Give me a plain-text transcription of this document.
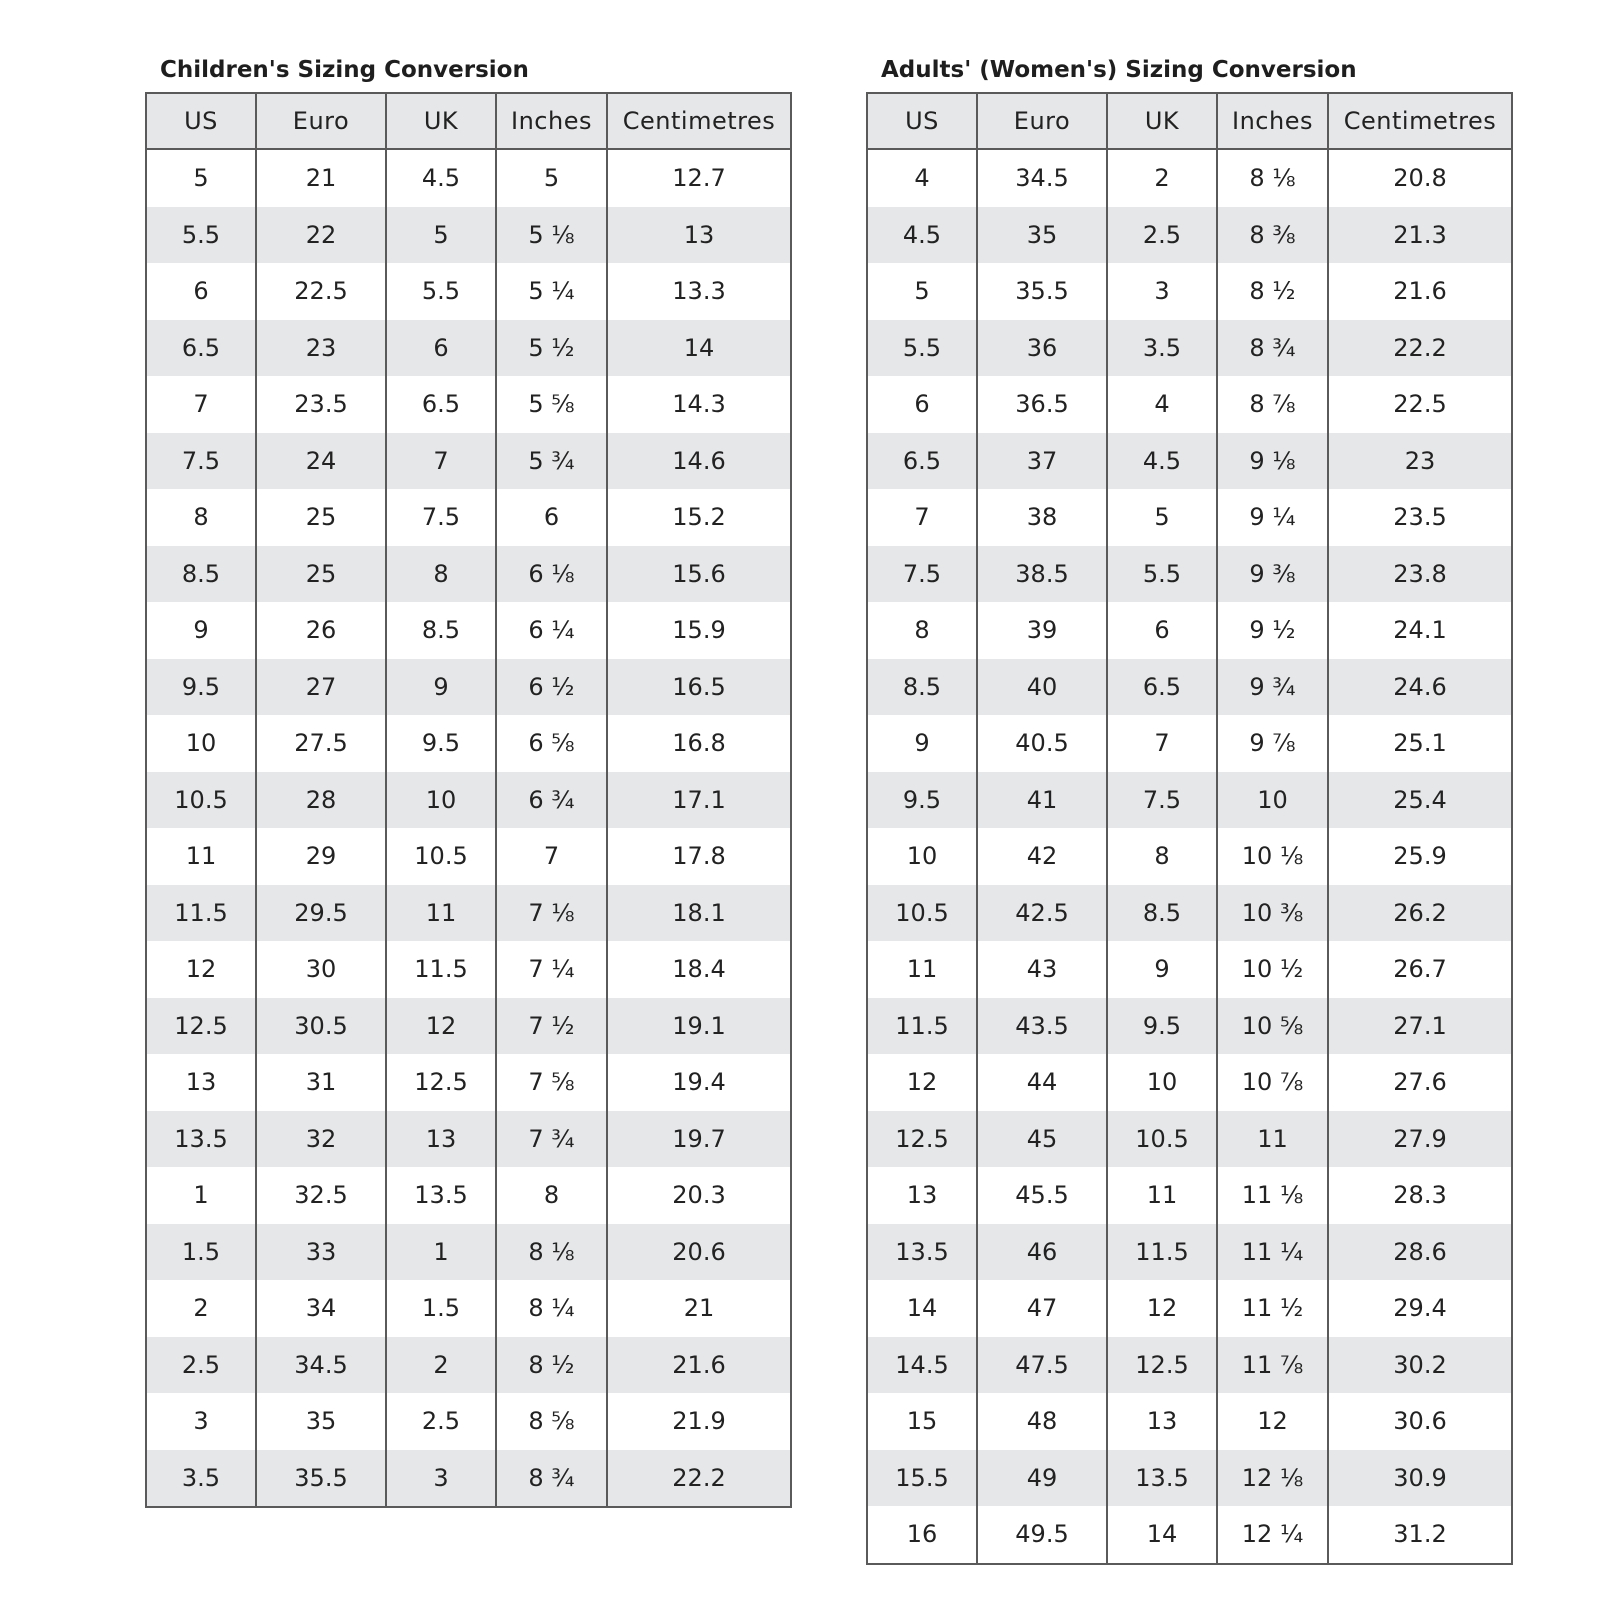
Children's Sizing Conversion
US	Euro	UK	Inches	Centimetres
5	21	4.5	5	12.7
5.5	22	5	5 ⅛	13
6	22.5	5.5	5 ¼	13.3
6.5	23	6	5 ½	14
7	23.5	6.5	5 ⅝	14.3
7.5	24	7	5 ¾	14.6
8	25	7.5	6	15.2
8.5	25	8	6 ⅛	15.6
9	26	8.5	6 ¼	15.9
9.5	27	9	6 ½	16.5
10	27.5	9.5	6 ⅝	16.8
10.5	28	10	6 ¾	17.1
11	29	10.5	7	17.8
11.5	29.5	11	7 ⅛	18.1
12	30	11.5	7 ¼	18.4
12.5	30.5	12	7 ½	19.1
13	31	12.5	7 ⅝	19.4
13.5	32	13	7 ¾	19.7
1	32.5	13.5	8	20.3
1.5	33	1	8 ⅛	20.6
2	34	1.5	8 ¼	21
2.5	34.5	2	8 ½	21.6
3	35	2.5	8 ⅝	21.9
3.5	35.5	3	8 ¾	22.2
Adults' (Women's) Sizing Conversion
US	Euro	UK	Inches	Centimetres
4	34.5	2	8 ⅛	20.8
4.5	35	2.5	8 ⅜	21.3
5	35.5	3	8 ½	21.6
5.5	36	3.5	8 ¾	22.2
6	36.5	4	8 ⅞	22.5
6.5	37	4.5	9 ⅛	23
7	38	5	9 ¼	23.5
7.5	38.5	5.5	9 ⅜	23.8
8	39	6	9 ½	24.1
8.5	40	6.5	9 ¾	24.6
9	40.5	7	9 ⅞	25.1
9.5	41	7.5	10	25.4
10	42	8	10 ⅛	25.9
10.5	42.5	8.5	10 ⅜	26.2
11	43	9	10 ½	26.7
11.5	43.5	9.5	10 ⅝	27.1
12	44	10	10 ⅞	27.6
12.5	45	10.5	11	27.9
13	45.5	11	11 ⅛	28.3
13.5	46	11.5	11 ¼	28.6
14	47	12	11 ½	29.4
14.5	47.5	12.5	11 ⅞	30.2
15	48	13	12	30.6
15.5	49	13.5	12 ⅛	30.9
16	49.5	14	12 ¼	31.2
